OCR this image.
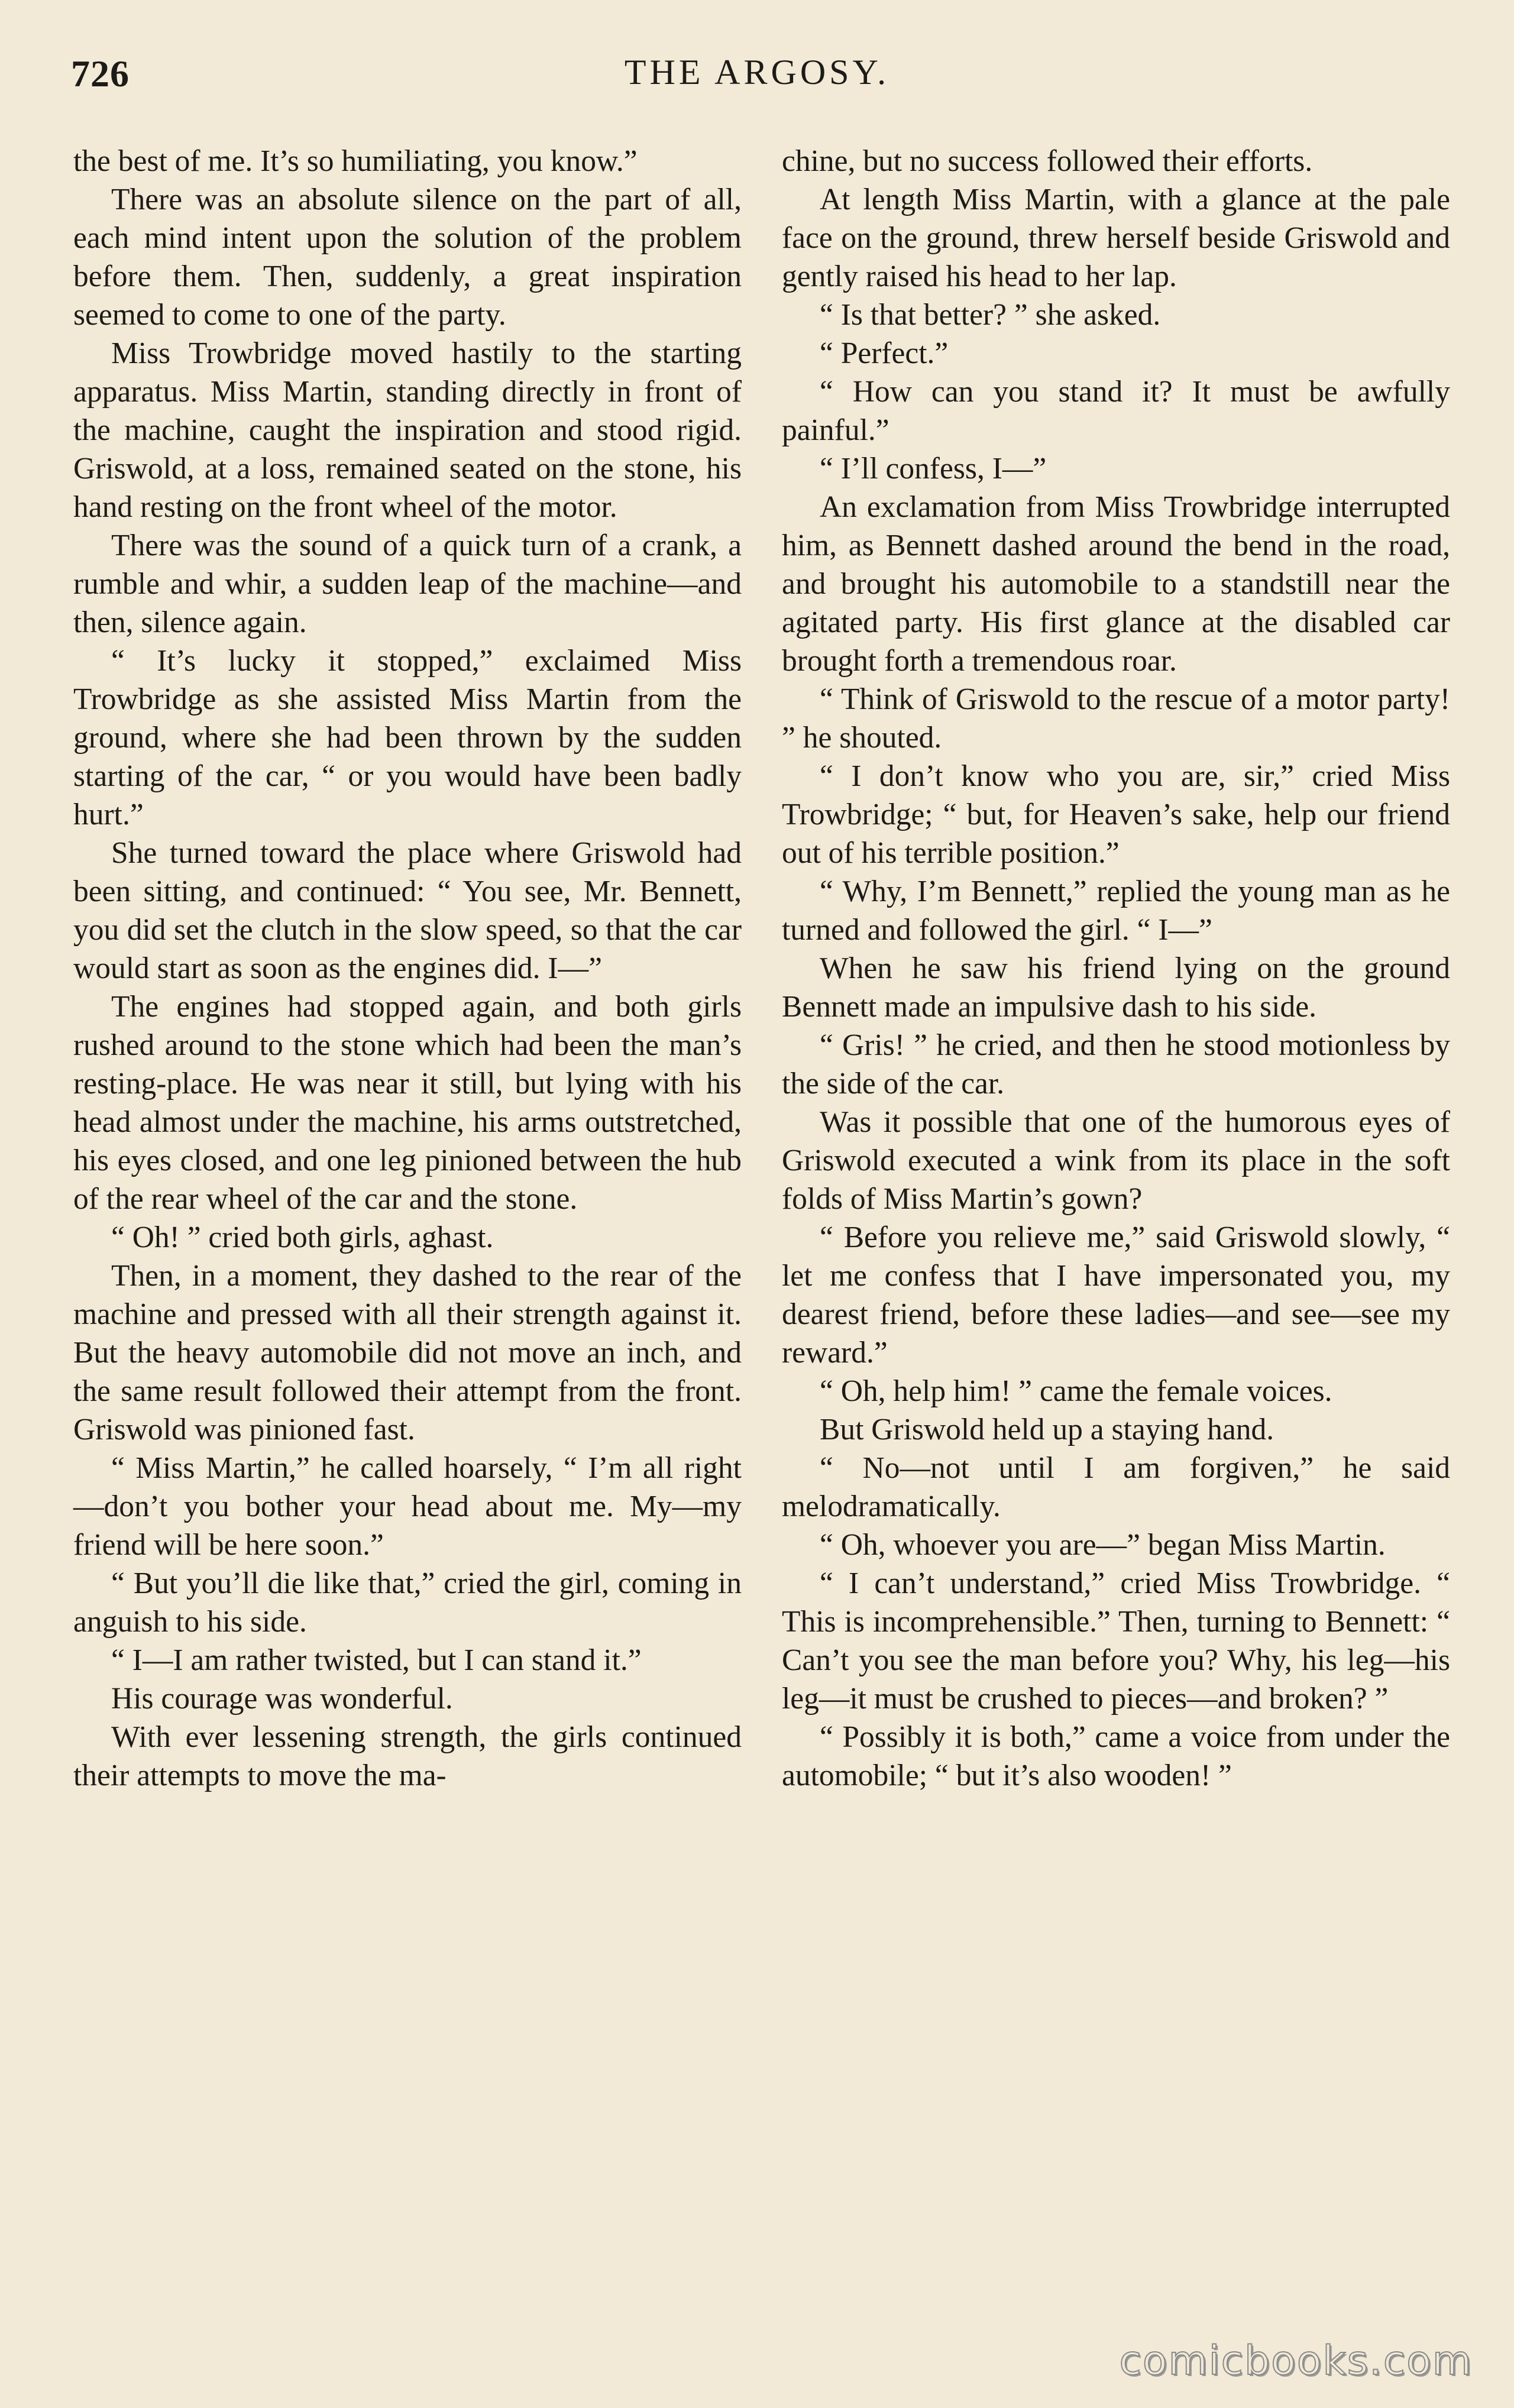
726	THE ARGOSY.

the best of me. It’s so humiliating, you know.”

There was an absolute silence on the part of all, each mind intent upon the solution of the problem before them. Then, suddenly, a great inspiration seemed to come to one of the party.

Miss Trowbridge moved hastily to the starting apparatus. Miss Martin, standing directly in front of the machine, caught the inspiration and stood rigid. Griswold, at a loss, remained seated on the stone, his hand resting on the front wheel of the motor.

There was the sound of a quick turn of a crank, a rumble and whir, a sudden leap of the machine—and then, silence again.

“ It’s lucky it stopped,” exclaimed Miss Trowbridge as she assisted Miss Martin from the ground, where she had been thrown by the sudden starting of the car, “ or you would have been badly hurt.”

She turned toward the place where Griswold had been sitting, and continued: “ You see, Mr. Bennett, you did set the clutch in the slow speed, so that the car would start as soon as the engines did. I—”

The engines had stopped again, and both girls rushed around to the stone which had been the man’s resting-place. He was near it still, but lying with his head almost under the machine, his arms outstretched, his eyes closed, and one leg pinioned between the hub of the rear wheel of the car and the stone.

“ Oh! ” cried both girls, aghast.

Then, in a moment, they dashed to the rear of the machine and pressed with all their strength against it. But the heavy automobile did not move an inch, and the same result followed their attempt from the front. Griswold was pinioned fast.

“ Miss Martin,” he called hoarsely, “ I’m all right—don’t you bother your head about me. My—my friend will be here soon.”

“ But you’ll die like that,” cried the girl, coming in anguish to his side.

“ I—I am rather twisted, but I can stand it.”

His courage was wonderful.

With ever lessening strength, the girls continued their attempts to move the ma-

chine, but no success followed their efforts.

At length Miss Martin, with a glance at the pale face on the ground, threw herself beside Griswold and gently raised his head to her lap.

“ Is that better? ” she asked.

“ Perfect.”

“ How can you stand it? It must be awfully painful.”

“ I’ll confess, I—”

An exclamation from Miss Trowbridge interrupted him, as Bennett dashed around the bend in the road, and brought his automobile to a standstill near the agitated party. His first glance at the disabled car brought forth a tremendous roar.

“ Think of Griswold to the rescue of a motor party! ” he shouted.

“ I don’t know who you are, sir,” cried Miss Trowbridge; “ but, for Heaven’s sake, help our friend out of his terrible position.”

“ Why, I’m Bennett,” replied the young man as he turned and followed the girl. “ I—”

When he saw his friend lying on the ground Bennett made an impulsive dash to his side.

“ Gris! ” he cried, and then he stood motionless by the side of the car.

Was it possible that one of the humorous eyes of Griswold executed a wink from its place in the soft folds of Miss Martin’s gown?

“ Before you relieve me,” said Griswold slowly, “ let me confess that I have impersonated you, my dearest friend, before these ladies—and see—see my reward.”

“ Oh, help him! ” came the female voices.

But Griswold held up a staying hand.

“ No—not until I am forgiven,” he said melodramatically.

“ Oh, whoever you are—” began Miss Martin.

“ I can’t understand,” cried Miss Trowbridge. “ This is incomprehensible.” Then, turning to Bennett: “ Can’t you see the man before you? Why, his leg—his leg—it must be crushed to pieces—and broken? ”

“ Possibly it is both,” came a voice from under the automobile; “ but it’s also wooden! ”

comicbooks.com
